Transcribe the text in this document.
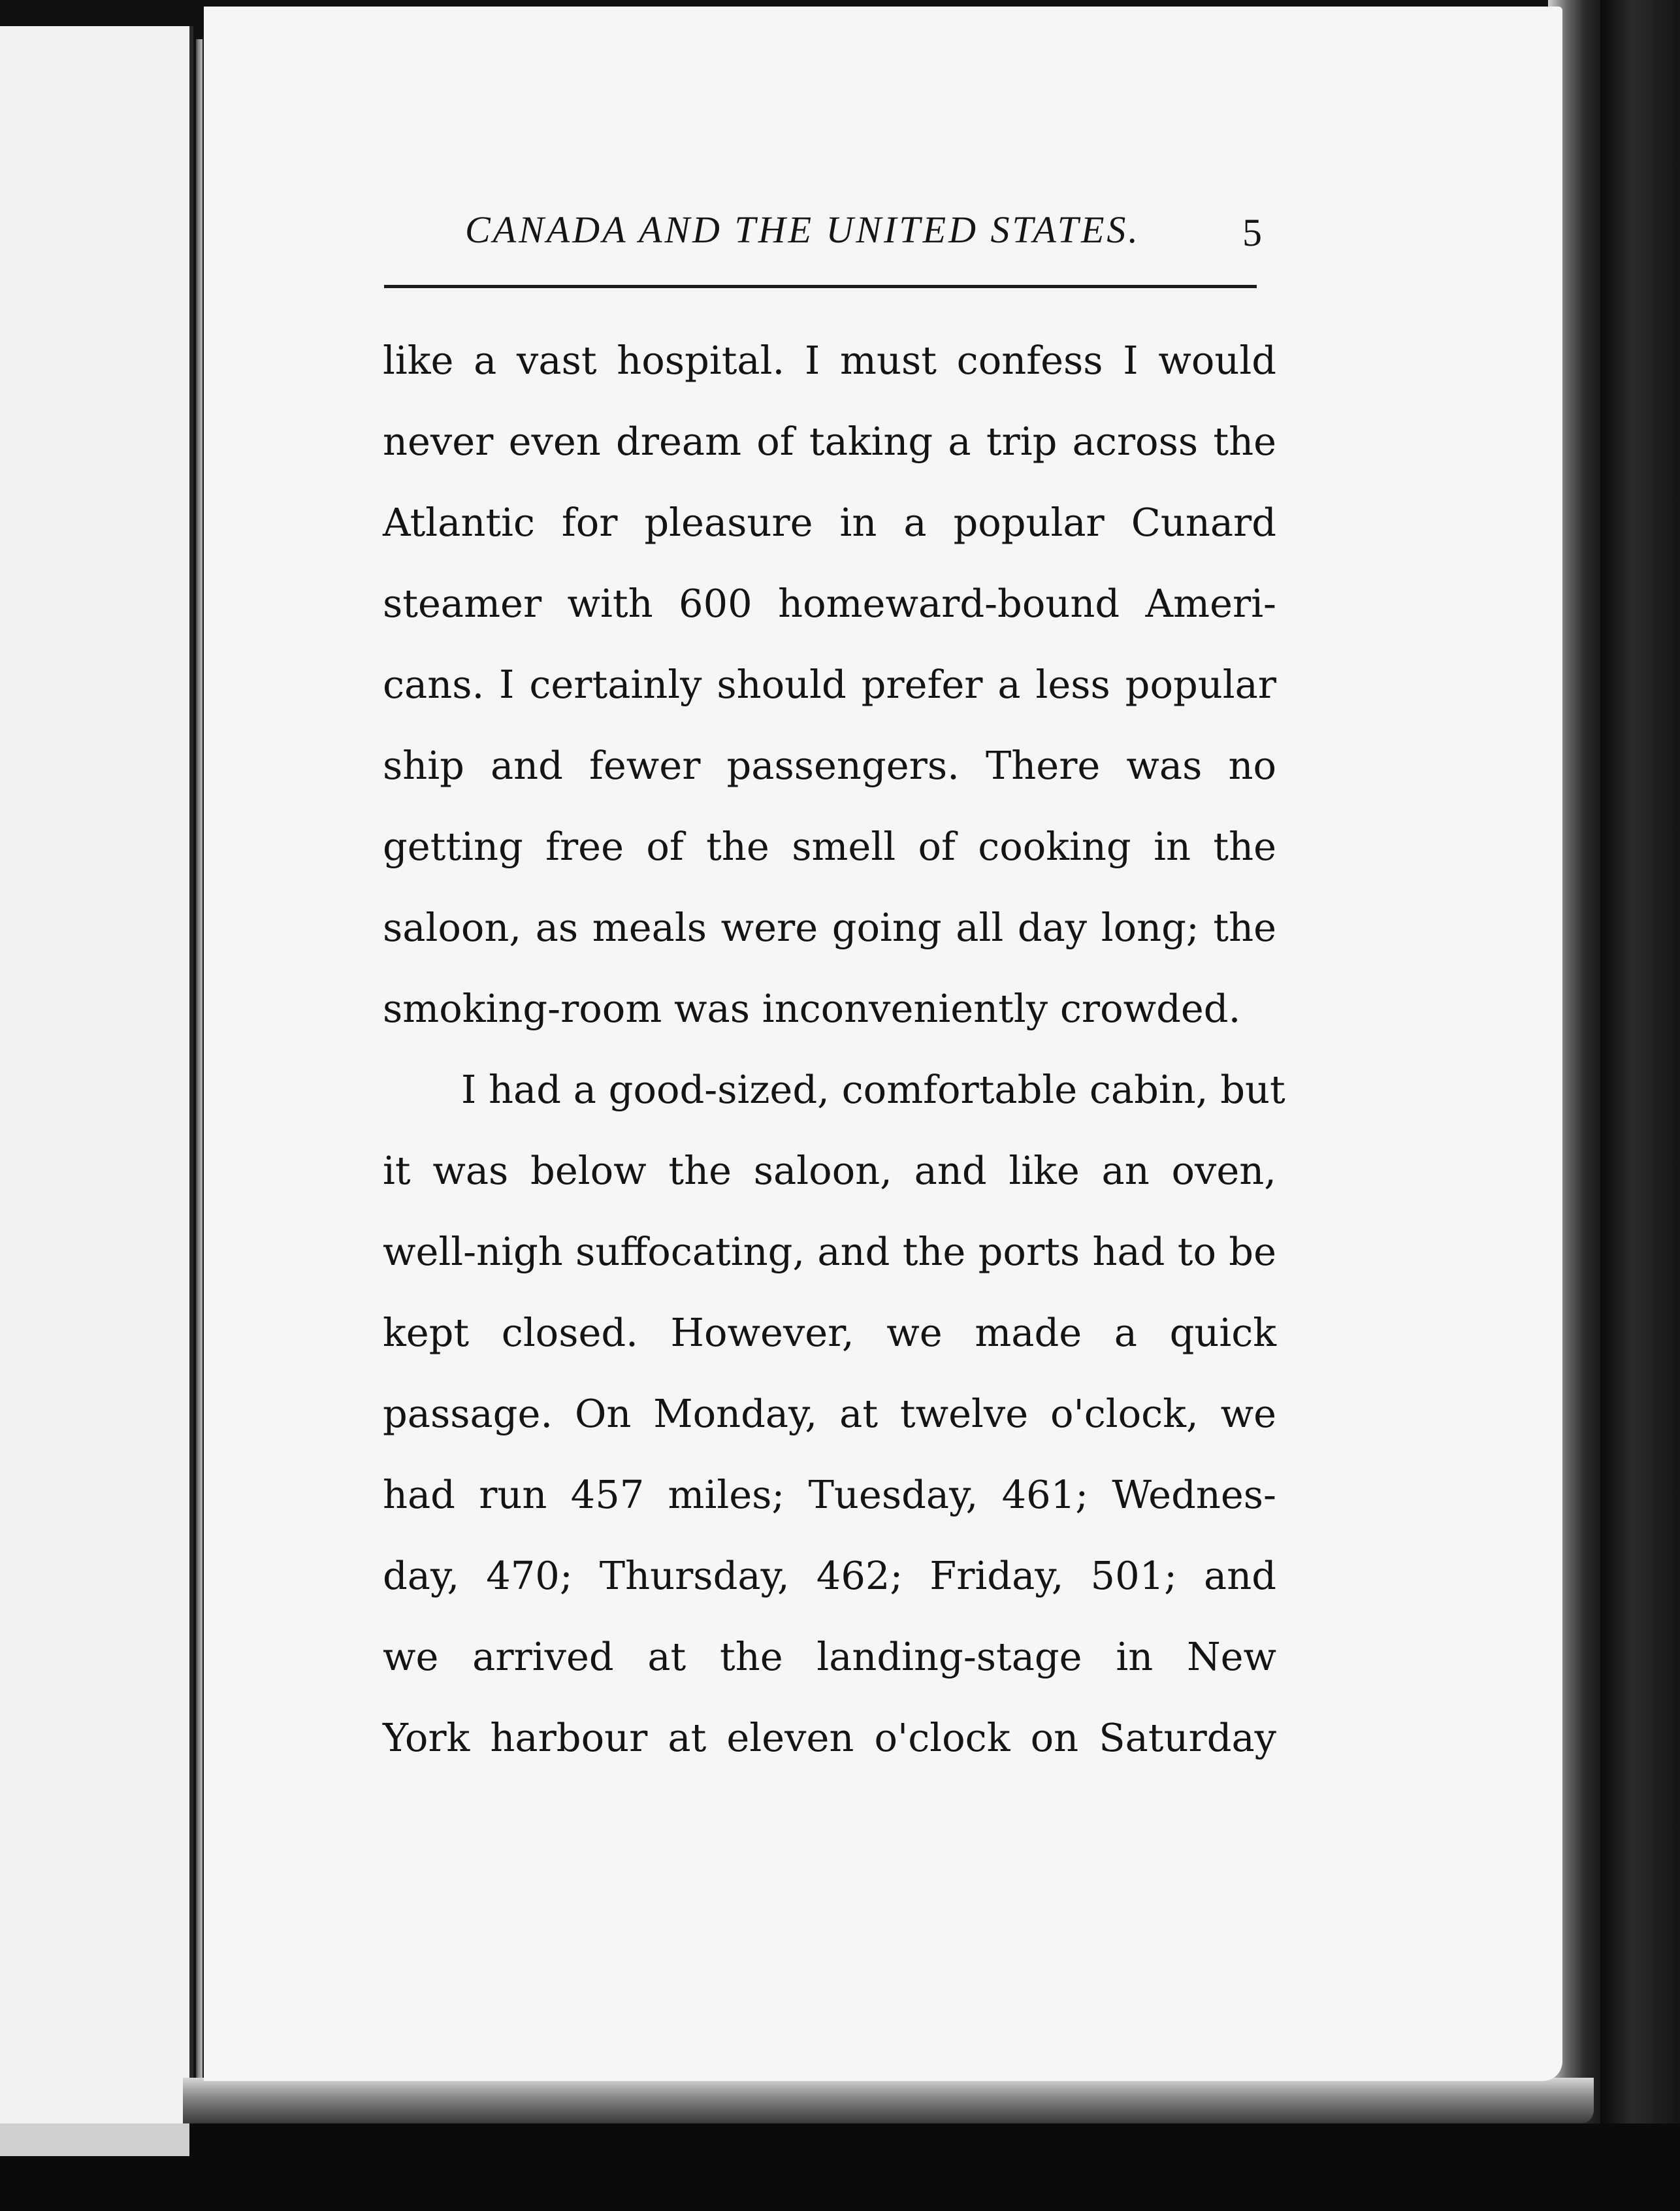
CANADA AND THE UNITED STATES.	5
like a vast hospital. I must confess I would
never even dream of taking a trip across the
Atlantic for pleasure in a popular Cunard
steamer with 600 homeward-bound Ameri-
cans. I certainly should prefer a less popular
ship and fewer passengers. There was no
getting free of the smell of cooking in the
saloon, as meals were going all day long; the
smoking-room was inconveniently crowded.
I had a good-sized, comfortable cabin, but
it was below the saloon, and like an oven,
well-nigh suffocating, and the ports had to be
kept closed. However, we made a quick
passage. On Monday, at twelve o'clock, we
had run 457 miles; Tuesday, 461; Wednes-
day, 470; Thursday, 462; Friday, 501; and
we arrived at the landing-stage in New
York harbour at eleven o'clock on Saturday
